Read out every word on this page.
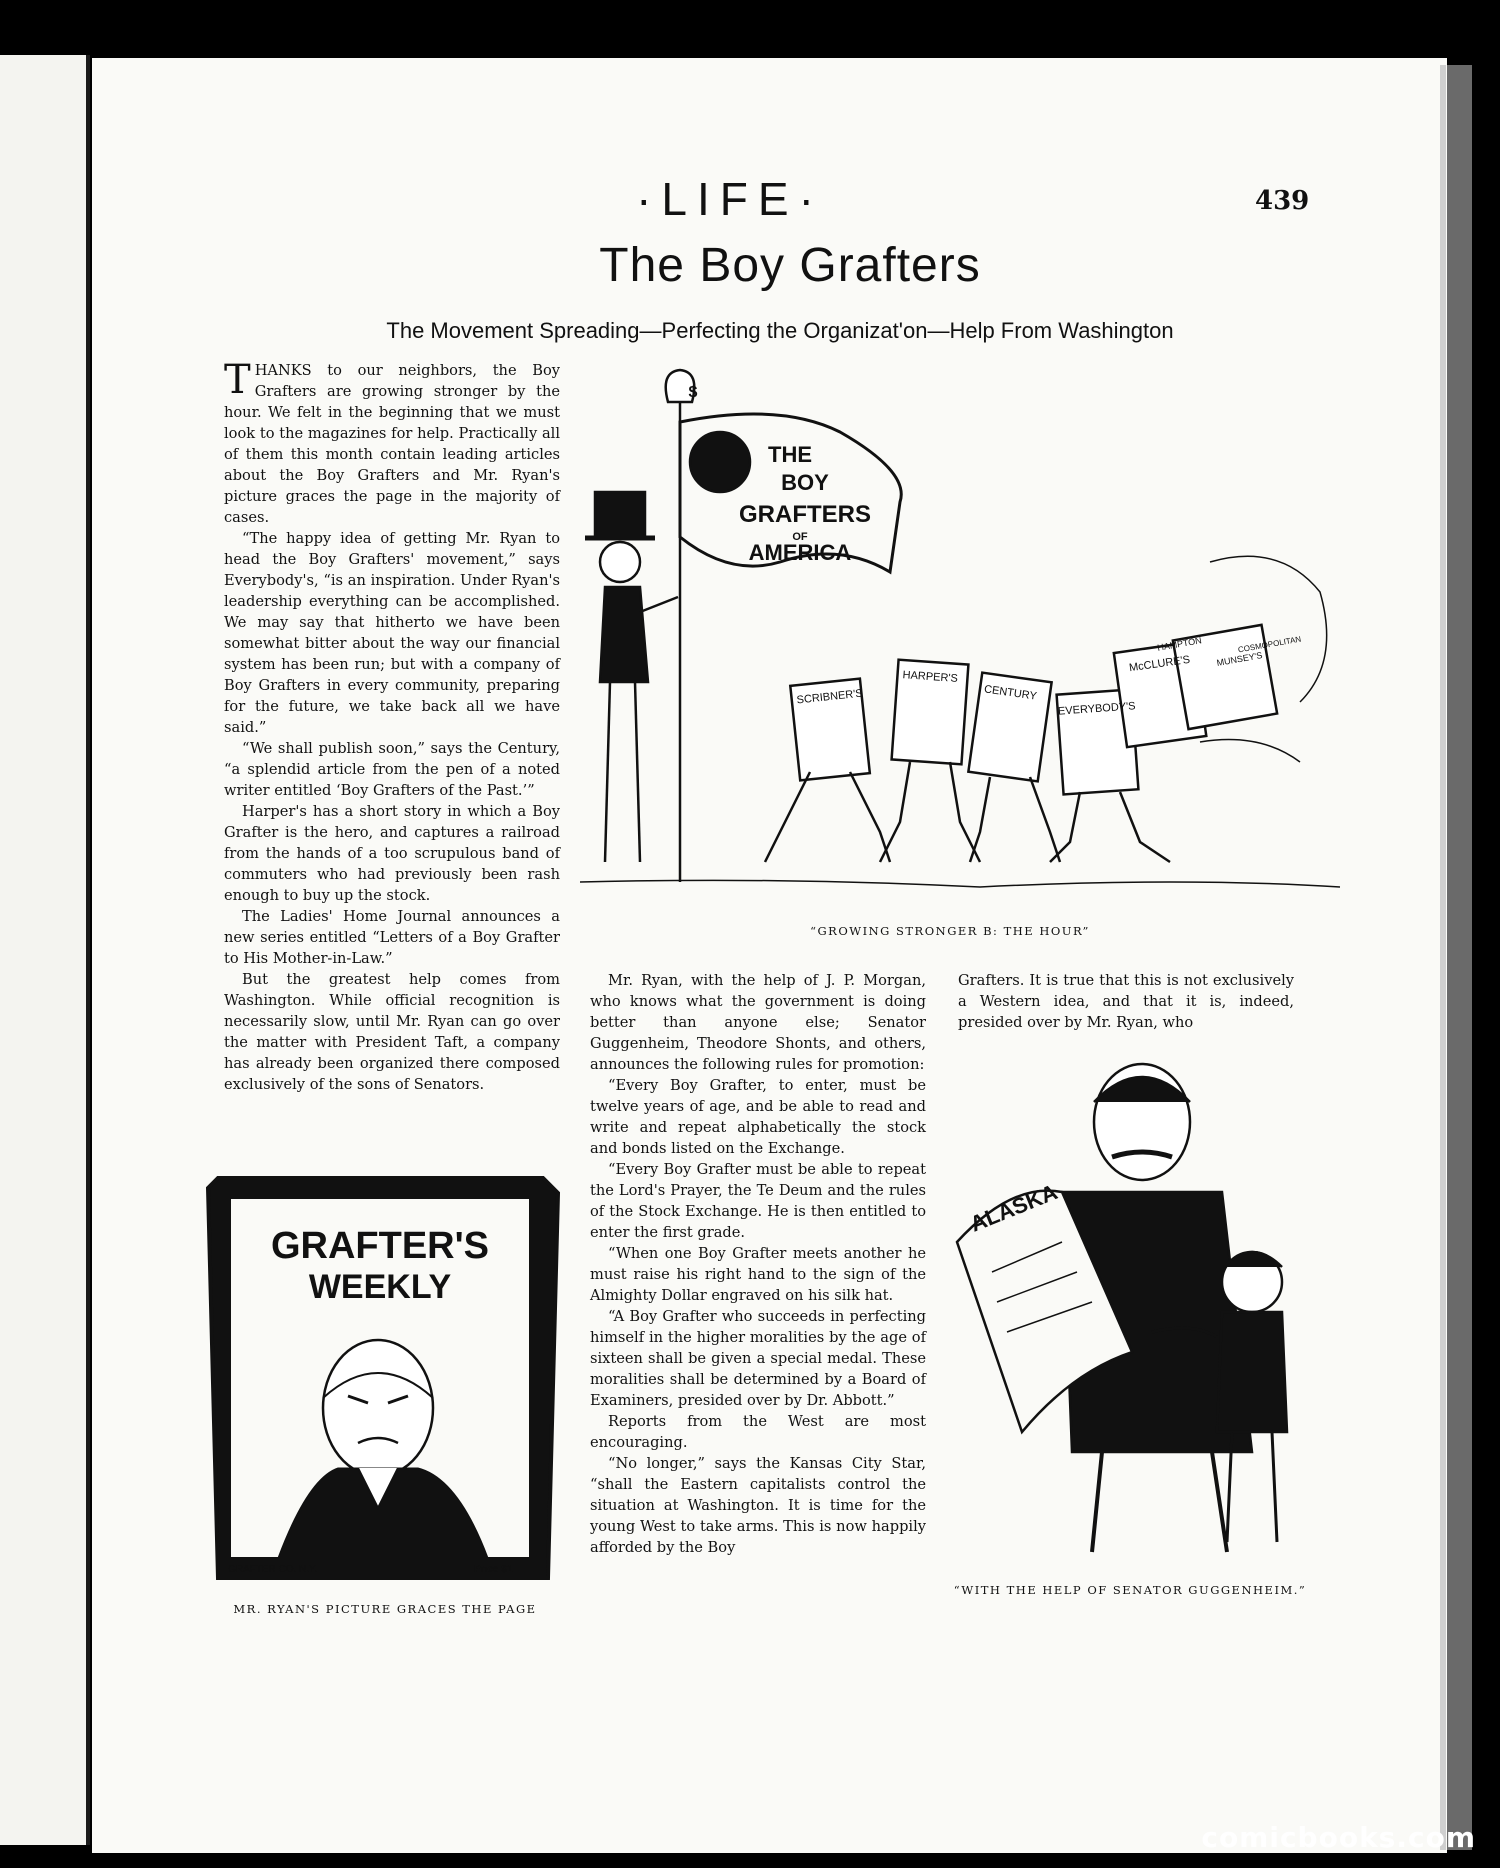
·LIFE·	439
The Boy Grafters
The Movement Spreading—Perfecting the Organizat'on—Help From Washington

THANKS to our neighbors, the Boy Grafters are growing stronger by the hour. We felt in the beginning that we must look to the magazines for help. Practically all of them this month contain leading articles about the Boy Grafters and Mr. Ryan's picture graces the page in the majority of cases.

“The happy idea of getting Mr. Ryan to head the Boy Grafters' movement,” says Everybody's, “is an inspiration. Under Ryan's leadership everything can be accomplished. We may say that hitherto we have been somewhat bitter about the way our financial system has been run; but with a company of Boy Grafters in every community, preparing for the future, we take back all we have said.”

“We shall publish soon,” says the Century, “a splendid article from the pen of a noted writer entitled ‘Boy Grafters of the Past.’”

Harper's has a short story in which a Boy Grafter is the hero, and captures a railroad from the hands of a too scrupulous band of commuters who had previously been rash enough to buy up the stock.

The Ladies' Home Journal announces a new series entitled “Letters of a Boy Grafter to His Mother-in-Law.”

But the greatest help comes from Washington. While official recognition is necessarily slow, until Mr. Ryan can go over the matter with President Taft, a company has already been organized there composed exclusively of the sons of Senators.

Mr. Ryan, with the help of J. P. Morgan, who knows what the government is doing better than anyone else; Senator Guggenheim, Theodore Shonts, and others, announces the following rules for promotion:

“Every Boy Grafter, to enter, must be twelve years of age, and be able to read and write and repeat alphabetically the stock and bonds listed on the Exchange.

“Every Boy Grafter must be able to repeat the Lord's Prayer, the Te Deum and the rules of the Stock Exchange. He is then entitled to enter the first grade.

“When one Boy Grafter meets another he must raise his right hand to the sign of the Almighty Dollar engraved on his silk hat.

“A Boy Grafter who succeeds in perfecting himself in the higher moralities by the age of sixteen shall be given a special medal. These moralities shall be determined by a Board of Examiners, presided over by Dr. Abbott.”

Reports from the West are most encouraging.

“No longer,” says the Kansas City Star, “shall the Eastern capitalists control the situation at Washington. It is time for the young West to take arms. This is now happily afforded by the Boy

Grafters. It is true that this is not exclusively a Western idea, and that it is, indeed, presided over by Mr. Ryan, who

$
THE
BOY
GRAFTERS
OF
AMERICA
SCRIBNER'S
HARPER'S
CENTURY
EVERYBODY'S
McCLURE'S
HAMPTON
MUNSEY'S
COSMOPOLITAN
“GROWING STRONGER B: THE HOUR”
GRAFTER'S
WEEKLY
GRAFTER CO. N.Y.	Price $1
MR. RYAN'S PICTURE GRACES THE PAGE
ALASKA
“WITH THE HELP OF SENATOR GUGGENHEIM.”
comicbooks.com
